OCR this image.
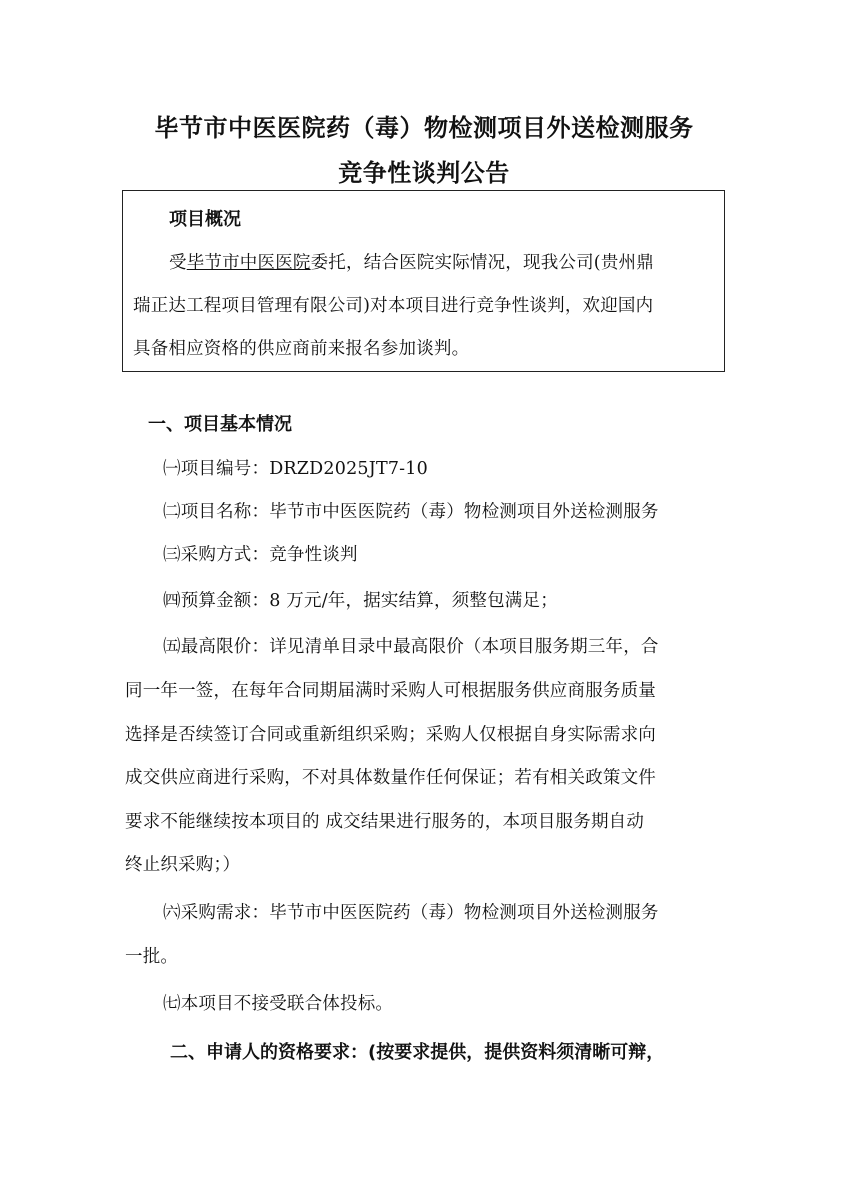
毕节市中医医院药（毒）物检测项目外送检测服务
竞争性谈判公告
项目概况
受毕节市中医医院委托，结合医院实际情况，现我公司(贵州鼎
瑞正达工程项目管理有限公司)对本项目进行竞争性谈判，欢迎国内
具备相应资格的供应商前来报名参加谈判。
一、项目基本情况
㈠项目编号：DRZD2025JT7-10
㈡项目名称：毕节市中医医院药（毒）物检测项目外送检测服务
㈢采购方式：竞争性谈判
㈣预算金额：8 万元/年，据实结算，须整包满足；
㈤最高限价：详见清单目录中最高限价（本项目服务期三年，合
同一年一签，在每年合同期届满时采购人可根据服务供应商服务质量
选择是否续签订合同或重新组织采购；采购人仅根据自身实际需求向
成交供应商进行采购，不对具体数量作任何保证；若有相关政策文件
要求不能继续按本项目的 成交结果进行服务的，本项目服务期自动
终止织采购；）
㈥采购需求：毕节市中医医院药（毒）物检测项目外送检测服务
一批。
㈦本项目不接受联合体投标。
二、申请人的资格要求：(按要求提供，提供资料须清晰可辩，
